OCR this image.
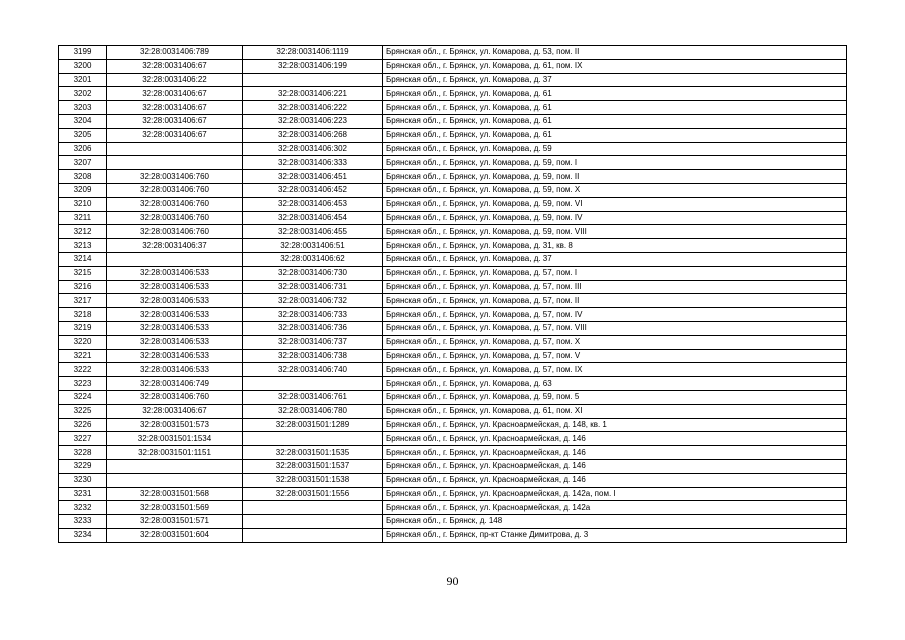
3199	32:28:0031406:789	32:28:0031406:1119	Брянская обл., г. Брянск, ул. Комарова, д. 53, пом. II
3200	32:28:0031406:67	32:28:0031406:199	Брянская обл., г. Брянск, ул. Комарова, д. 61, пом. IX
3201	32:28:0031406:22		Брянская обл., г. Брянск, ул. Комарова, д. 37
3202	32:28:0031406:67	32:28:0031406:221	Брянская обл., г. Брянск, ул. Комарова, д. 61
3203	32:28:0031406:67	32:28:0031406:222	Брянская обл., г. Брянск, ул. Комарова, д. 61
3204	32:28:0031406:67	32:28:0031406:223	Брянская обл., г. Брянск, ул. Комарова, д. 61
3205	32:28:0031406:67	32:28:0031406:268	Брянская обл., г. Брянск, ул. Комарова, д. 61
3206		32:28:0031406:302	Брянская обл., г. Брянск, ул. Комарова, д. 59
3207		32:28:0031406:333	Брянская обл., г. Брянск, ул. Комарова, д. 59, пом. I
3208	32:28:0031406:760	32:28:0031406:451	Брянская обл., г. Брянск, ул. Комарова, д. 59, пом. II
3209	32:28:0031406:760	32:28:0031406:452	Брянская обл., г. Брянск, ул. Комарова, д. 59, пом. X
3210	32:28:0031406:760	32:28:0031406:453	Брянская обл., г. Брянск, ул. Комарова, д. 59, пом. VI
3211	32:28:0031406:760	32:28:0031406:454	Брянская обл., г. Брянск, ул. Комарова, д. 59, пом. IV
3212	32:28:0031406:760	32:28:0031406:455	Брянская обл., г. Брянск, ул. Комарова, д. 59, пом. VIII
3213	32:28:0031406:37	32:28:0031406:51	Брянская обл., г. Брянск, ул. Комарова, д. 31, кв. 8
3214		32:28:0031406:62	Брянская обл., г. Брянск, ул. Комарова, д. 37
3215	32:28:0031406:533	32:28:0031406:730	Брянская обл., г. Брянск, ул. Комарова, д. 57, пом. I
3216	32:28:0031406:533	32:28:0031406:731	Брянская обл., г. Брянск, ул. Комарова, д. 57, пом. III
3217	32:28:0031406:533	32:28:0031406:732	Брянская обл., г. Брянск, ул. Комарова, д. 57, пом. II
3218	32:28:0031406:533	32:28:0031406:733	Брянская обл., г. Брянск, ул. Комарова, д. 57, пом. IV
3219	32:28:0031406:533	32:28:0031406:736	Брянская обл., г. Брянск, ул. Комарова, д. 57, пом. VIII
3220	32:28:0031406:533	32:28:0031406:737	Брянская обл., г. Брянск, ул. Комарова, д. 57, пом. X
3221	32:28:0031406:533	32:28:0031406:738	Брянская обл., г. Брянск, ул. Комарова, д. 57, пом. V
3222	32:28:0031406:533	32:28:0031406:740	Брянская обл., г. Брянск, ул. Комарова, д. 57, пом. IX
3223	32:28:0031406:749		Брянская обл., г. Брянск, ул. Комарова, д. 63
3224	32:28:0031406:760	32:28:0031406:761	Брянская обл., г. Брянск, ул. Комарова, д. 59, пом. 5
3225	32:28:0031406:67	32:28:0031406:780	Брянская обл., г. Брянск, ул. Комарова, д. 61, пом. XI
3226	32:28:0031501:573	32:28:0031501:1289	Брянская обл., г. Брянск, ул. Красноармейская, д. 148, кв. 1
3227	32:28:0031501:1534		Брянская обл., г. Брянск, ул. Красноармейская, д. 146
3228	32:28:0031501:1151	32:28:0031501:1535	Брянская обл., г. Брянск, ул. Красноармейская, д. 146
3229		32:28:0031501:1537	Брянская обл., г. Брянск, ул. Красноармейская, д. 146
3230		32:28:0031501:1538	Брянская обл., г. Брянск, ул. Красноармейская, д. 146
3231	32:28:0031501:568	32:28:0031501:1556	Брянская обл., г. Брянск, ул. Красноармейская, д. 142а, пом. I
3232	32:28:0031501:569		Брянская обл., г. Брянск, ул. Красноармейская, д. 142а
3233	32:28:0031501:571		Брянская обл., г. Брянск, д. 148
3234	32:28:0031501:604		Брянская обл., г. Брянск, пр-кт Станке Димитрова, д. 3
90
